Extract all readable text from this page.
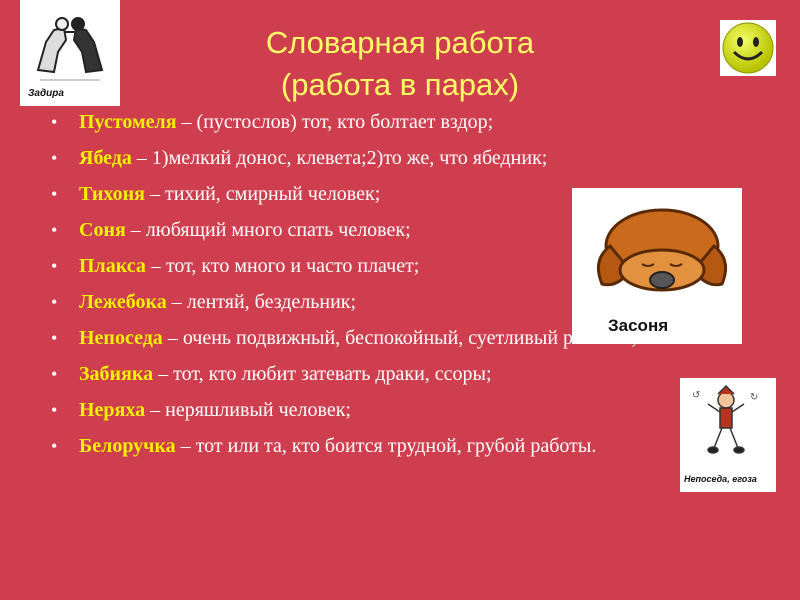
Словарная работа
(работа в парах)
Задира
Засоня
↺	↻
Непоседа, егоза
• Пустомеля – (пустослов) тот, кто болтает вздор;
• Ябеда – 1)мелкий донос, клевета;2)то же, что ябедник;
• Тихоня – тихий, смирный человек;
• Соня – любящий много спать человек;
• Плакса – тот, кто много и часто плачет;
• Лежебока – лентяй, бездельник;
• Непоседа – очень подвижный, беспокойный, суетливый ребёнок;
• Забияка – тот, кто любит затевать драки, ссоры;
• Неряха – неряшливый человек;
• Белоручка – тот или та, кто боится трудной, грубой работы.
